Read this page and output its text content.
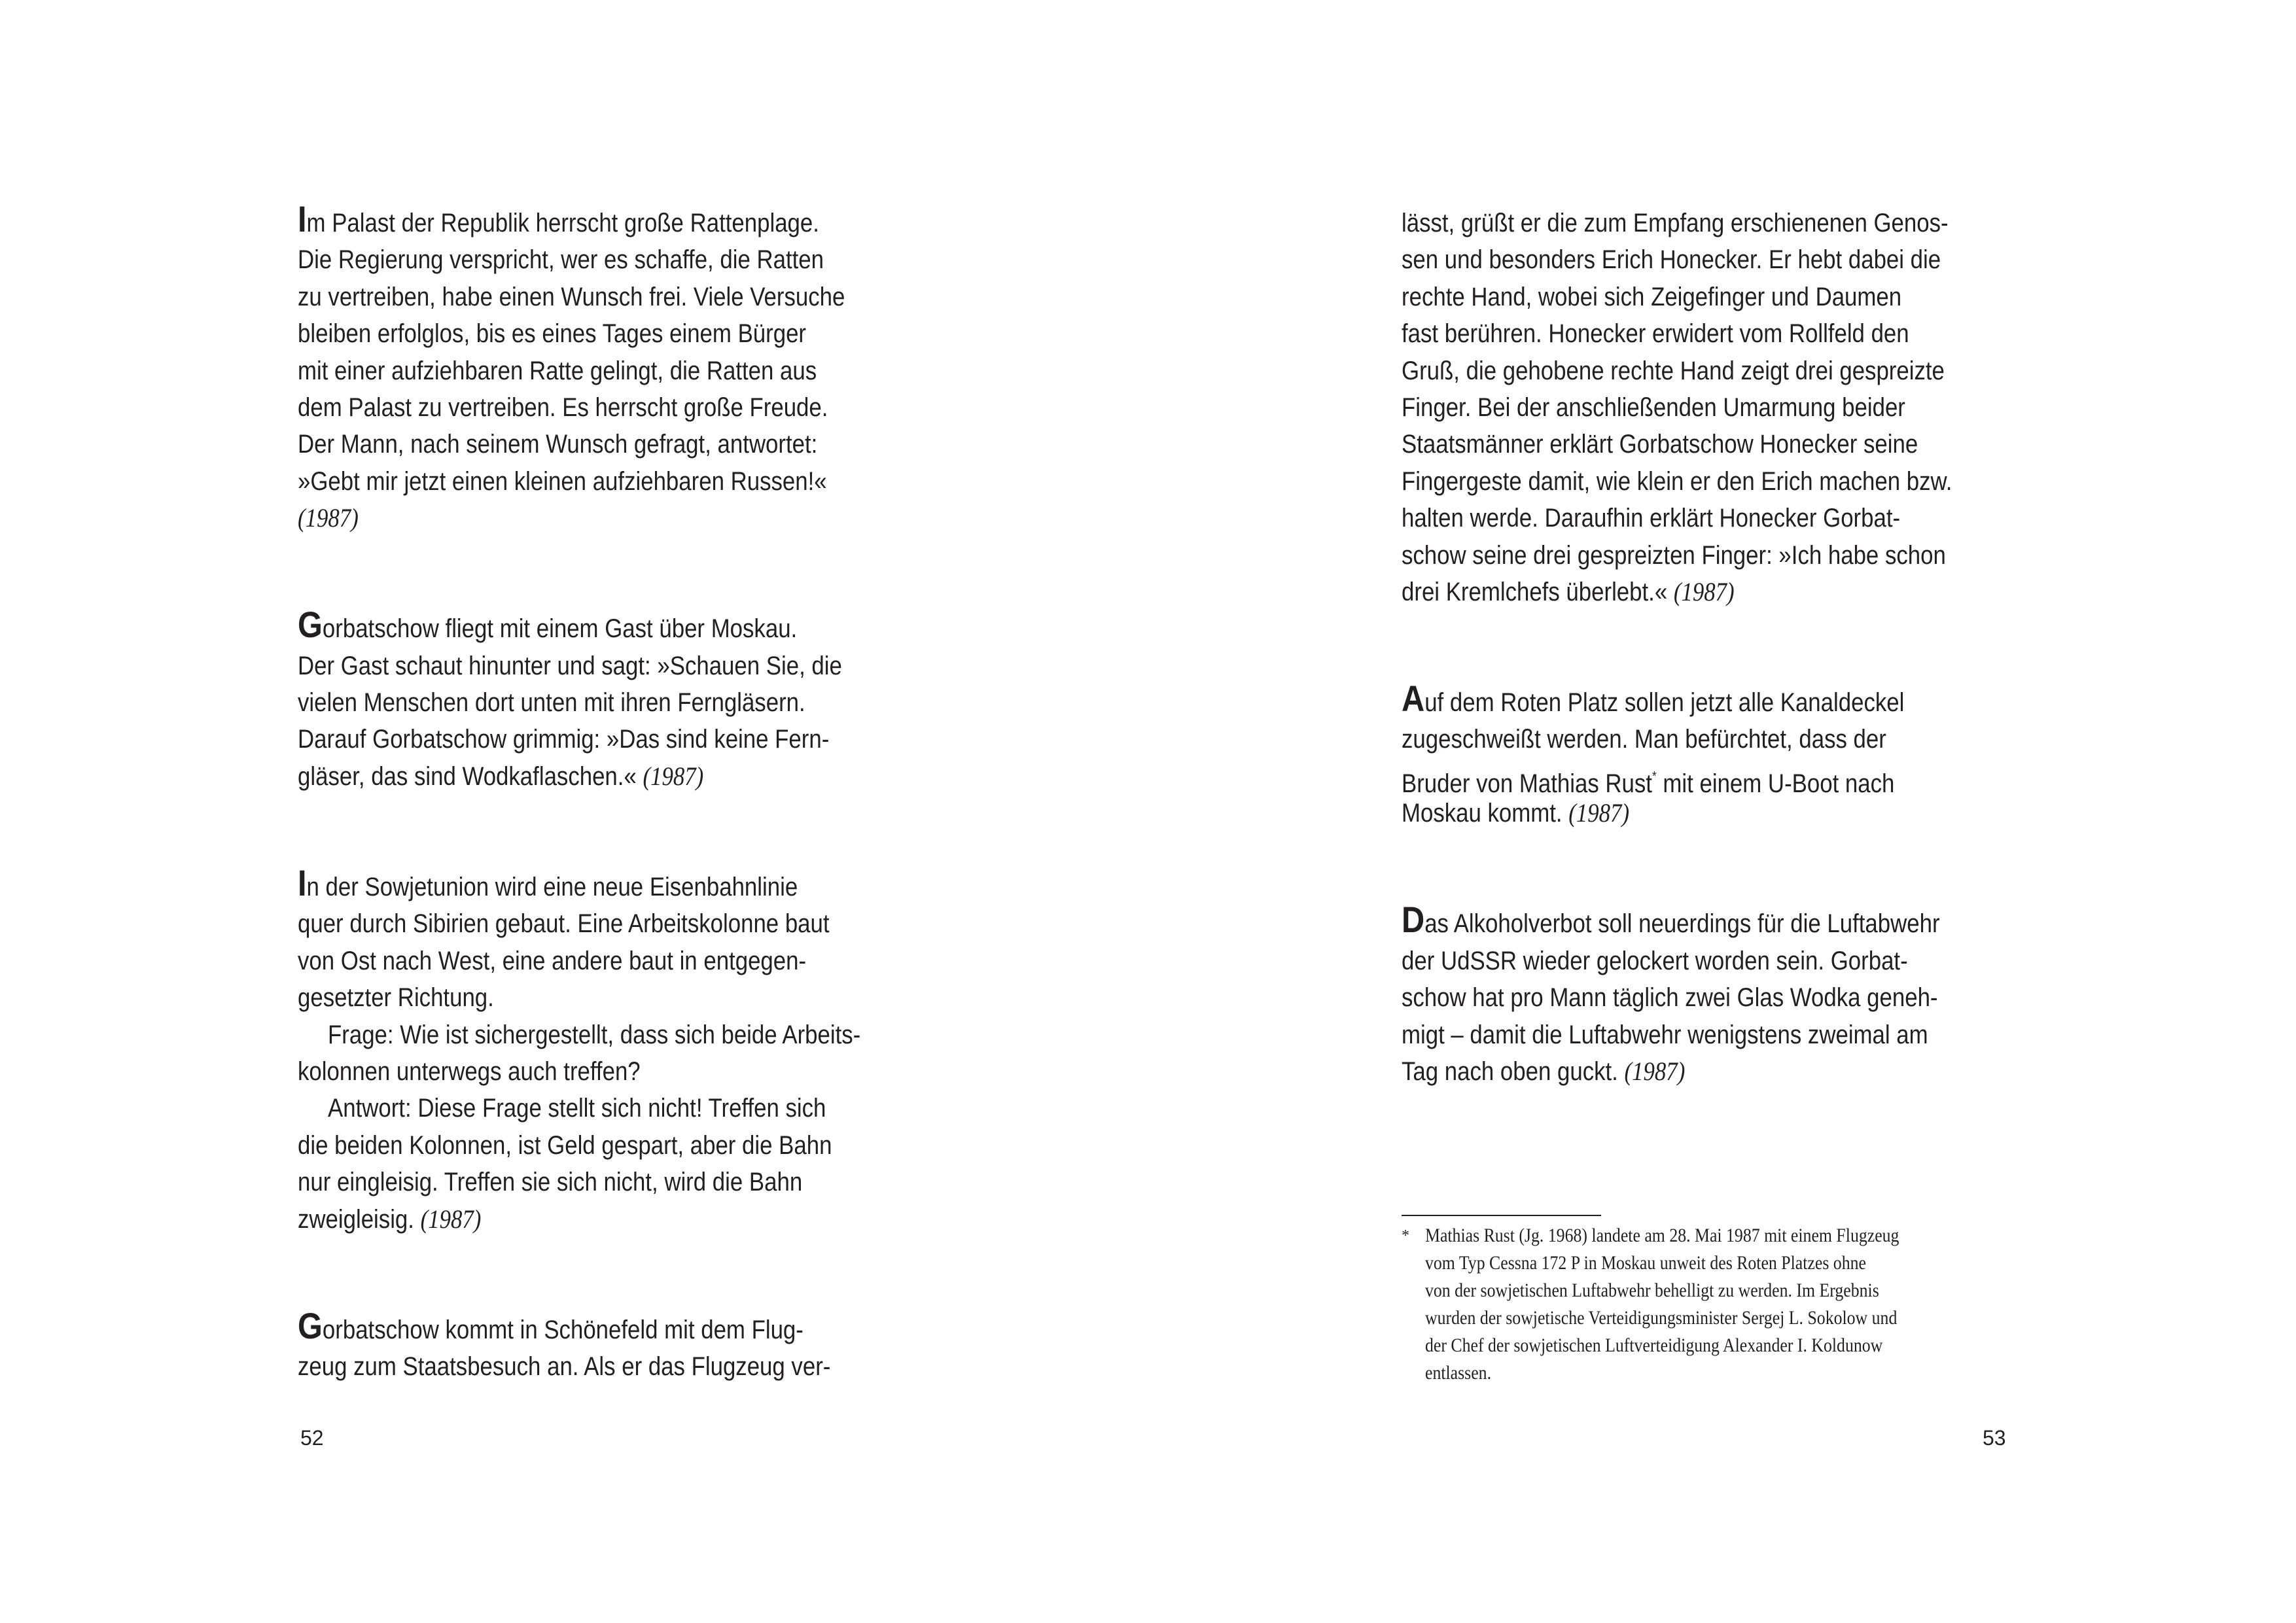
Im Palast der Republik herrscht große Rattenplage.
Die Regierung verspricht, wer es schaffe, die Ratten
zu vertreiben, habe einen Wunsch frei. Viele Versuche
bleiben erfolglos, bis es eines Tages einem Bürger
mit einer aufziehbaren Ratte gelingt, die Ratten aus
dem Palast zu vertreiben. Es herrscht große Freude.
Der Mann, nach seinem Wunsch gefragt, antwortet:
»Gebt mir jetzt einen kleinen aufziehbaren Russen!«
(1987)
Gorbatschow fliegt mit einem Gast über Moskau.
Der Gast schaut hinunter und sagt: »Schauen Sie, die
vielen Menschen dort unten mit ihren Ferngläsern.
Darauf Gorbatschow grimmig: »Das sind keine Fern-
gläser, das sind Wodkaflaschen.« (1987)
In der Sowjetunion wird eine neue Eisenbahnlinie
quer durch Sibirien gebaut. Eine Arbeitskolonne baut
von Ost nach West, eine andere baut in entgegen-
gesetzter Richtung.
Frage: Wie ist sichergestellt, dass sich beide Arbeits-
kolonnen unterwegs auch treffen?
Antwort: Diese Frage stellt sich nicht! Treffen sich
die beiden Kolonnen, ist Geld gespart, aber die Bahn
nur eingleisig. Treffen sie sich nicht, wird die Bahn
zweigleisig. (1987)
Gorbatschow kommt in Schönefeld mit dem Flug-
zeug zum Staatsbesuch an. Als er das Flugzeug ver-
lässt, grüßt er die zum Empfang erschienenen Genos-
sen und besonders Erich Honecker. Er hebt dabei die
rechte Hand, wobei sich Zeigefinger und Daumen
fast berühren. Honecker erwidert vom Rollfeld den
Gruß, die gehobene rechte Hand zeigt drei gespreizte
Finger. Bei der anschließenden Umarmung beider
Staatsmänner erklärt Gorbatschow Honecker seine
Fingergeste damit, wie klein er den Erich machen bzw.
halten werde. Daraufhin erklärt Honecker Gorbat-
schow seine drei gespreizten Finger: »Ich habe schon
drei Kremlchefs überlebt.« (1987)
Auf dem Roten Platz sollen jetzt alle Kanaldeckel
zugeschweißt werden. Man befürchtet, dass der
Bruder von Mathias Rust* mit einem U-Boot nach
Moskau kommt. (1987)
Das Alkoholverbot soll neuerdings für die Luftabwehr
der UdSSR wieder gelockert worden sein. Gorbat-
schow hat pro Mann täglich zwei Glas Wodka geneh-
migt – damit die Luftabwehr wenigstens zweimal am
Tag nach oben guckt. (1987)
* Mathias Rust (Jg. 1968) landete am 28. Mai 1987 mit einem Flugzeug
vom Typ Cessna 172 P in Moskau unweit des Roten Platzes ohne
von der sowjetischen Luftabwehr behelligt zu werden. Im Ergebnis
wurden der sowjetische Verteidigungsminister Sergej L. Sokolow und
der Chef der sowjetischen Luftverteidigung Alexander I. Koldunow
entlassen.
52	53
